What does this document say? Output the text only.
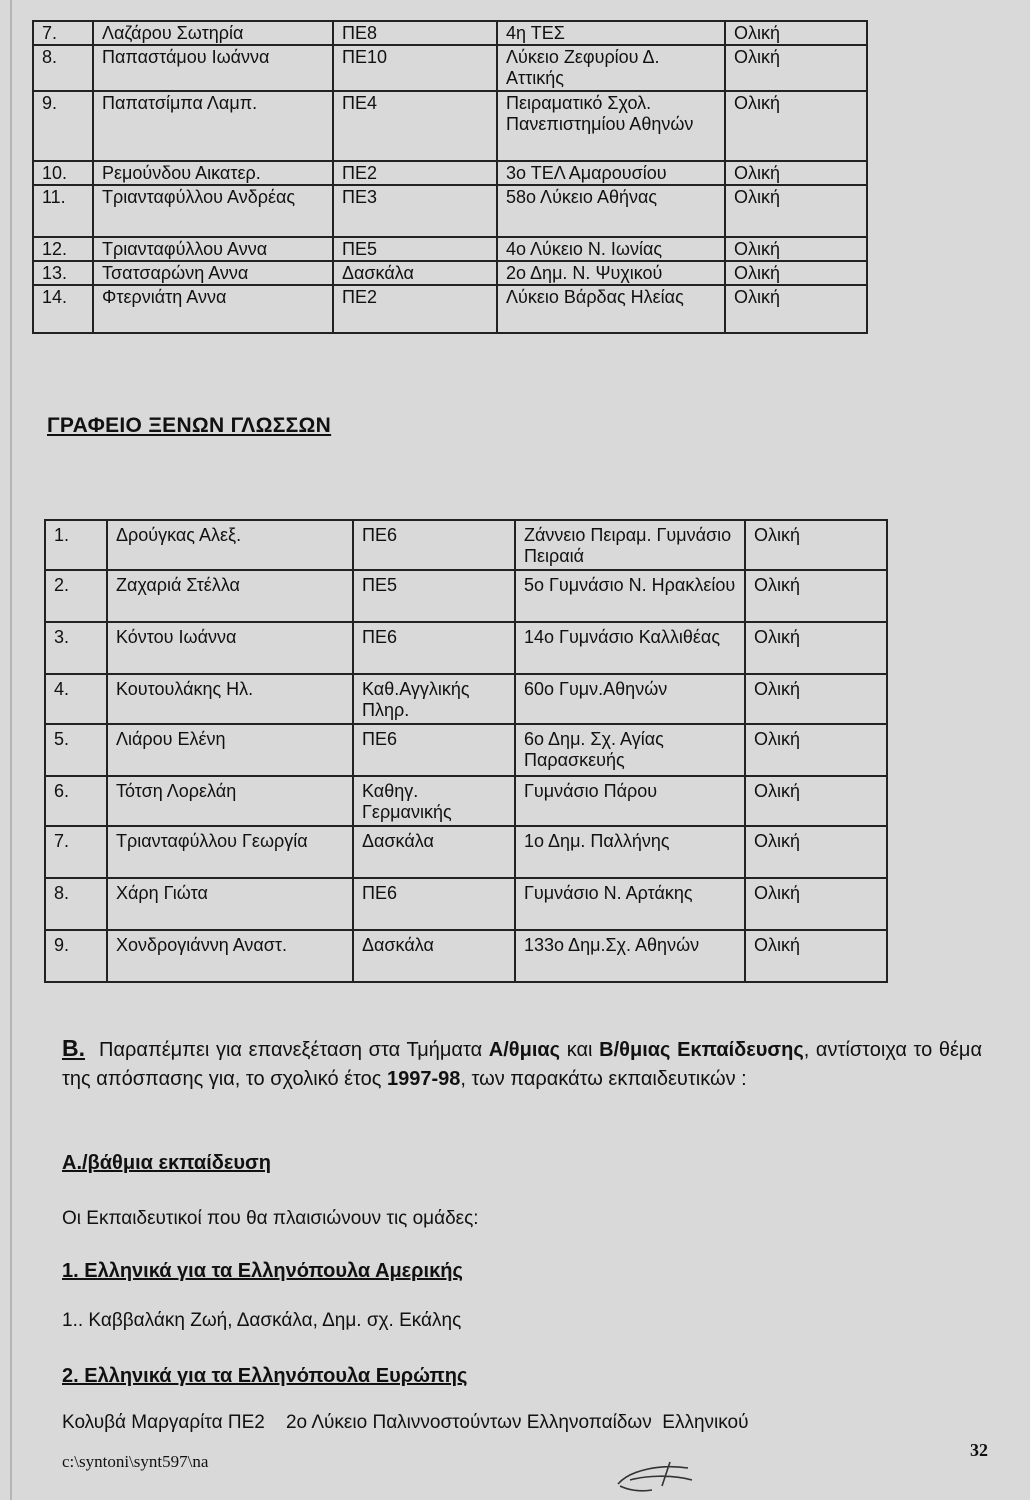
7.	Λαζάρου Σωτηρία	ΠΕ8	4η ΤΕΣ	Ολική
8.	Παπαστάμου Ιωάννα	ΠΕ10	Λύκειο Ζεφυρίου Δ. Αττικής	Ολική
9.	Παπατσίμπα Λαμπ.	ΠΕ4	Πειραματικό Σχολ. Πανεπιστημίου Αθηνών	Ολική
10.	Ρεμούνδου Αικατερ.	ΠΕ2	3ο ΤΕΛ Αμαρουσίου	Ολική
11.	Τριανταφύλλου Ανδρέας	ΠΕ3	58ο Λύκειο Αθήνας	Ολική
12.	Τριανταφύλλου Αννα	ΠΕ5	4ο Λύκειο Ν. Ιωνίας	Ολική
13.	Τσατσαρώνη Αννα	Δασκάλα	2ο Δημ. Ν. Ψυχικού	Ολική
14.	Φτερνιάτη Αννα	ΠΕ2	Λύκειο Βάρδας Ηλείας	Ολική
ΓΡΑΦΕΙΟ ΞΕΝΩΝ ΓΛΩΣΣΩΝ
1.	Δρούγκας Αλεξ.	ΠΕ6	Ζάννειο Πειραμ. Γυμνάσιο Πειραιά	Ολική
2.	Ζαχαριά Στέλλα	ΠΕ5	5ο Γυμνάσιο Ν. Ηρακλείου	Ολική
3.	Κόντου Ιωάννα	ΠΕ6	14ο Γυμνάσιο Καλλιθέας	Ολική
4.	Κουτουλάκης Ηλ.	Καθ.Αγγλικής Πληρ.	60ο Γυμν.Αθηνών	Ολική
5.	Λιάρου Ελένη	ΠΕ6	6ο Δημ. Σχ. Αγίας Παρασκευής	Ολική
6.	Τότση Λορελάη	Καθηγ. Γερμανικής	Γυμνάσιο Πάρου	Ολική
7.	Τριανταφύλλου Γεωργία	Δασκάλα	1ο Δημ. Παλλήνης	Ολική
8.	Χάρη Γιώτα	ΠΕ6	Γυμνάσιο Ν. Αρτάκης	Ολική
9.	Χονδρογιάννη Αναστ.	Δασκάλα	133ο Δημ.Σχ. Αθηνών	Ολική
Β. Παραπέμπει για επανεξέταση στα Τμήματα Α/θμιας και Β/θμιας Εκπαίδευσης, αντίστοιχα το θέμα της απόσπασης για, το σχολικό έτος 1997-98, των παρακάτω εκπαιδευτικών :
Α./βάθμια εκπαίδευση
Οι Εκπαιδευτικοί που θα πλαισιώνουν τις ομάδες:
1. Ελληνικά για τα Ελληνόπουλα Αμερικής
1.. Καββαλάκη Ζωή, Δασκάλα, Δημ. σχ. Εκάλης
2. Ελληνικά για τα Ελληνόπουλα Ευρώπης
Κολυβά Μαργαρίτα ΠΕ2    2ο Λύκειο Παλιννοστούντων Ελληνοπαίδων  Ελληνικού
c:\syntoni\synt597\na
32
